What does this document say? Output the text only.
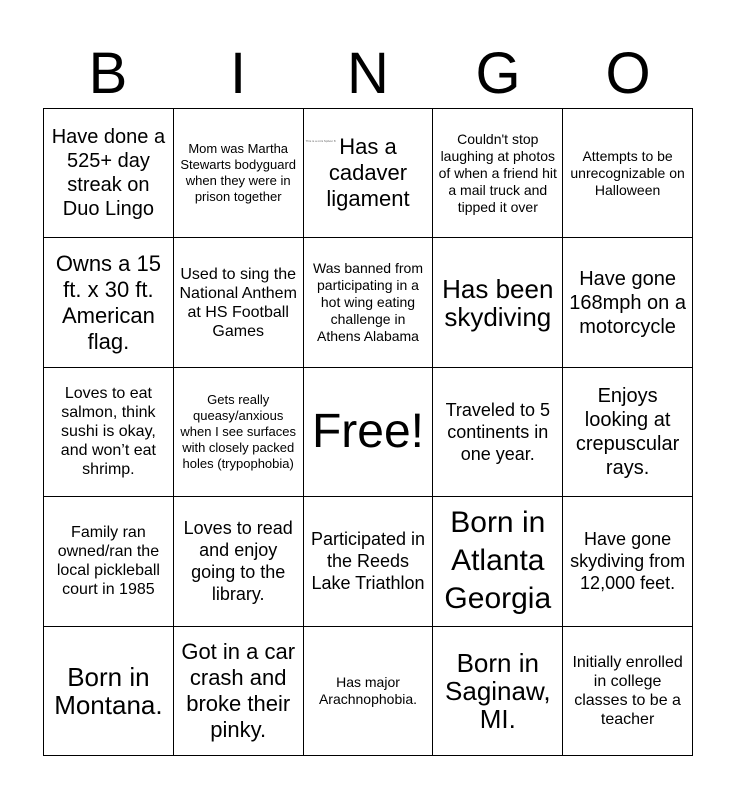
B	I	N	G	O
Have done a 525+ day streak on Duo Lingo
Mom was Martha Stewarts bodyguard when they were in prison together
This is a mini Spilver 8 Has a cadaver ligament
Couldn't stop laughing at photos of when a friend hit a mail truck and tipped it over
Attempts to be unrecognizable on Halloween
Owns a 15 ft. x 30 ft. American flag.
Used to sing the National Anthem at HS Football Games
Was banned from participating in a hot wing eating challenge in Athens Alabama
Has been skydiving
Have gone 168mph on a motorcycle
Loves to eat salmon, think sushi is okay, and won’t eat shrimp.
Gets really queasy/anxious when I see surfaces with closely packed holes (trypophobia)
Free!	Traveled to 5 continents in one year.
Enjoys looking at crepuscular rays.
Family ran owned/ran the local pickleball court in 1985
Loves to read and enjoy going to the library.
Participated in the Reeds Lake Triathlon
Born in Atlanta Georgia
Have gone skydiving from 12,000 feet.
Born in Montana.
Got in a car crash and broke their pinky.
Has major Arachnophobia.
Born in Saginaw, MI.
Initially enrolled in college classes to be a teacher
